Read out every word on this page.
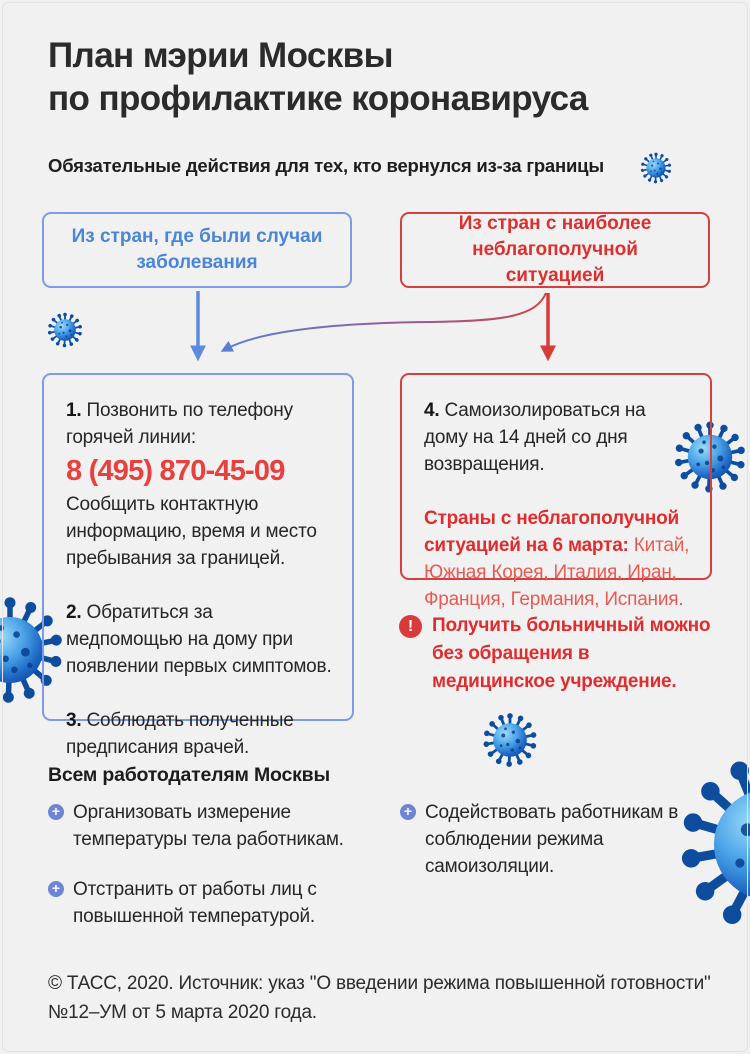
План мэрии Москвы
по профилактике коронавируса
Обязательные действия для тех, кто вернулся из-за границы
Из стран, где были случаи заболевания
Из стран с наиболее неблагополучной ситуацией

1. Позвонить по телефону горячей линии:

8 (495) 870-45-09

Сообщить контактную информацию, время и место пребывания за границей.

2. Обратиться за медпомощью на дому при появлении первых симптомов.

3. Соблюдать полученные предписания врачей.

4. Самоизолироваться на дому на 14 дней со дня возвращения.

Страны с неблагополучной ситуацией на 6 марта: Китай, Южная Корея, Италия, Иран, Франция, Германия, Испания.

! Получить больничный можно без обращения в медицинское учреждение.
Всем работодателям Москвы
+ Организовать измерение температуры тела работникам.
+ Отстранить от работы лиц с повышенной температурой.
+ Содействовать работникам в соблюдении режима самоизоляции.
© ТАСС, 2020. Источник: указ "О введении режима повышенной готовности" №12–УМ от 5 марта 2020 года.
